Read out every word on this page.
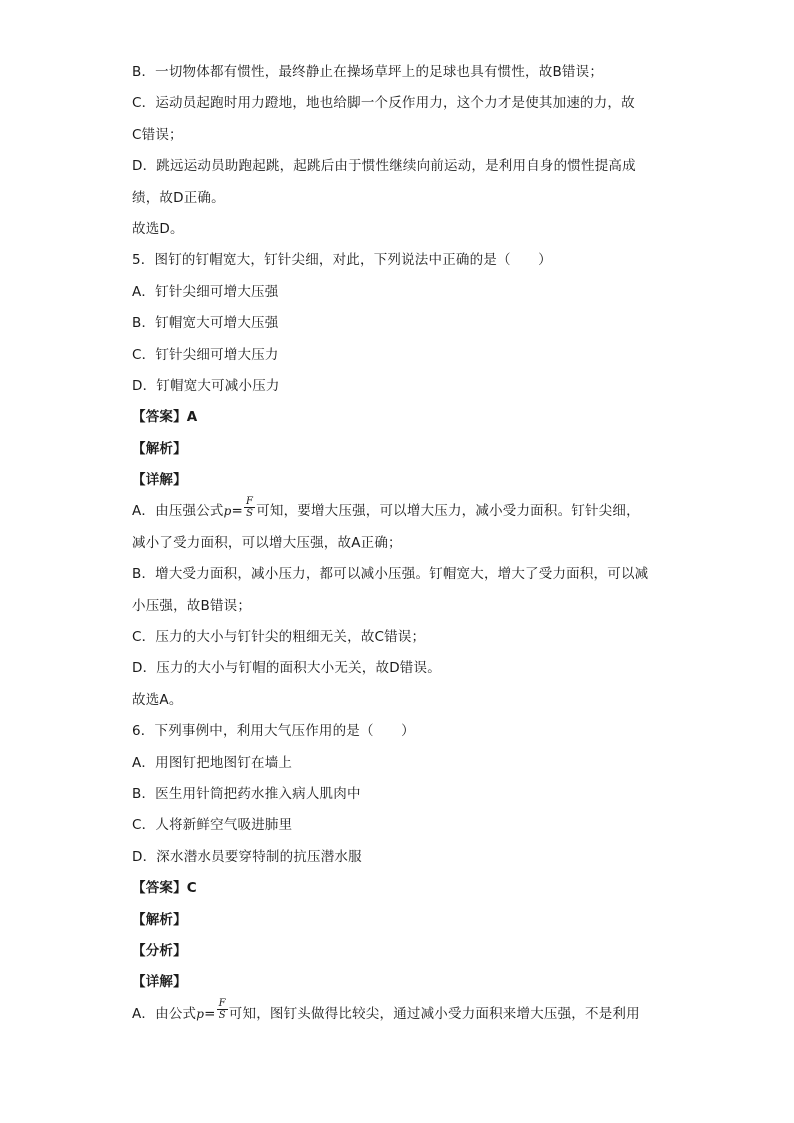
B．一切物体都有惯性，最终静止在操场草坪上的足球也具有惯性，故B错误；
C．运动员起跑时用力蹬地，地也给脚一个反作用力，这个力才是使其加速的力，故
C错误；
D．跳远运动员助跑起跳，起跳后由于惯性继续向前运动，是利用自身的惯性提高成
绩，故D正确。
故选D。
5．图钉的钉帽宽大，钉针尖细，对此，下列说法中正确的是（　　）
A．钉针尖细可增大压强
B．钉帽宽大可增大压强
C．钉针尖细可增大压力
D．钉帽宽大可减小压力
【答案】A
【解析】
【详解】
A．由压强公式$p= \frac{F}{S}$ 可知，要增大压强，可以增大压力，减小受力面积。钉针尖细，
减小了受力面积，可以增大压强，故A正确；
B．增大受力面积，减小压力，都可以减小压强。钉帽宽大，增大了受力面积，可以减
小压强，故B错误；
C．压力的大小与钉针尖的粗细无关，故C错误；
D．压力的大小与钉帽的面积大小无关，故D错误。
故选A。
6．下列事例中，利用大气压作用的是（　　）
A．用图钉把地图钉在墙上
B．医生用针筒把药水推入病人肌肉中
C．人将新鲜空气吸进肺里
D．深水潜水员要穿特制的抗压潜水服
【答案】C
【解析】
【分析】
【详解】
A．由公式$p= \frac{F}{S}$ 可知，图钉头做得比较尖，通过减小受力面积来增大压强，不是利用
